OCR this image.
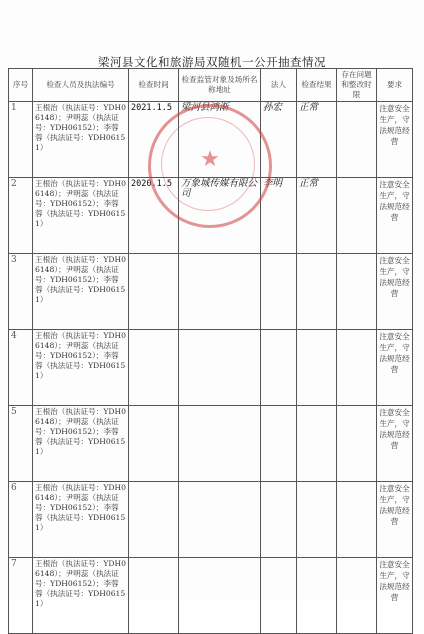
梁河县文化和旅游局双随机一公开抽查情况
序号	检查人员及执法编号	检查时间	检查监管对象及场所名称地址	法人	检查结果	存在问题和整改时限	要求
1	王根治（执法证号：YDH06148）；尹明蕊（执法证号：YDH06152）；李蓉蓉（执法证号：YDH06151）	2021.1.5	梁河县鸿渐	孙宏	正常		注意安全生产，守法规范经营
2	王根治（执法证号：YDH06148）；尹明蕊（执法证号：YDH06152）；李蓉蓉（执法证号：YDH06151）	2020.1.5	万象城传媒有限公司	李明	正常		注意安全生产，守法规范经营
3	王根治（执法证号：YDH06148）；尹明蕊（执法证号：YDH06152）；李蓉蓉（执法证号：YDH06151）						注意安全生产，守法规范经营
4	王根治（执法证号：YDH06148）；尹明蕊（执法证号：YDH06152）；李蓉蓉（执法证号：YDH06151）						注意安全生产，守法规范经营
5	王根治（执法证号：YDH06148）；尹明蕊（执法证号：YDH06152）；李蓉蓉（执法证号：YDH06151）						注意安全生产，守法规范经营
6	王根治（执法证号：YDH06148）；尹明蕊（执法证号：YDH06152）；李蓉蓉（执法证号：YDH06151）						注意安全生产，守法规范经营
7	王根治（执法证号：YDH06148）；尹明蕊（执法证号：YDH06152）；李蓉蓉（执法证号：YDH06151）						注意安全生产，守法规范经营
★
